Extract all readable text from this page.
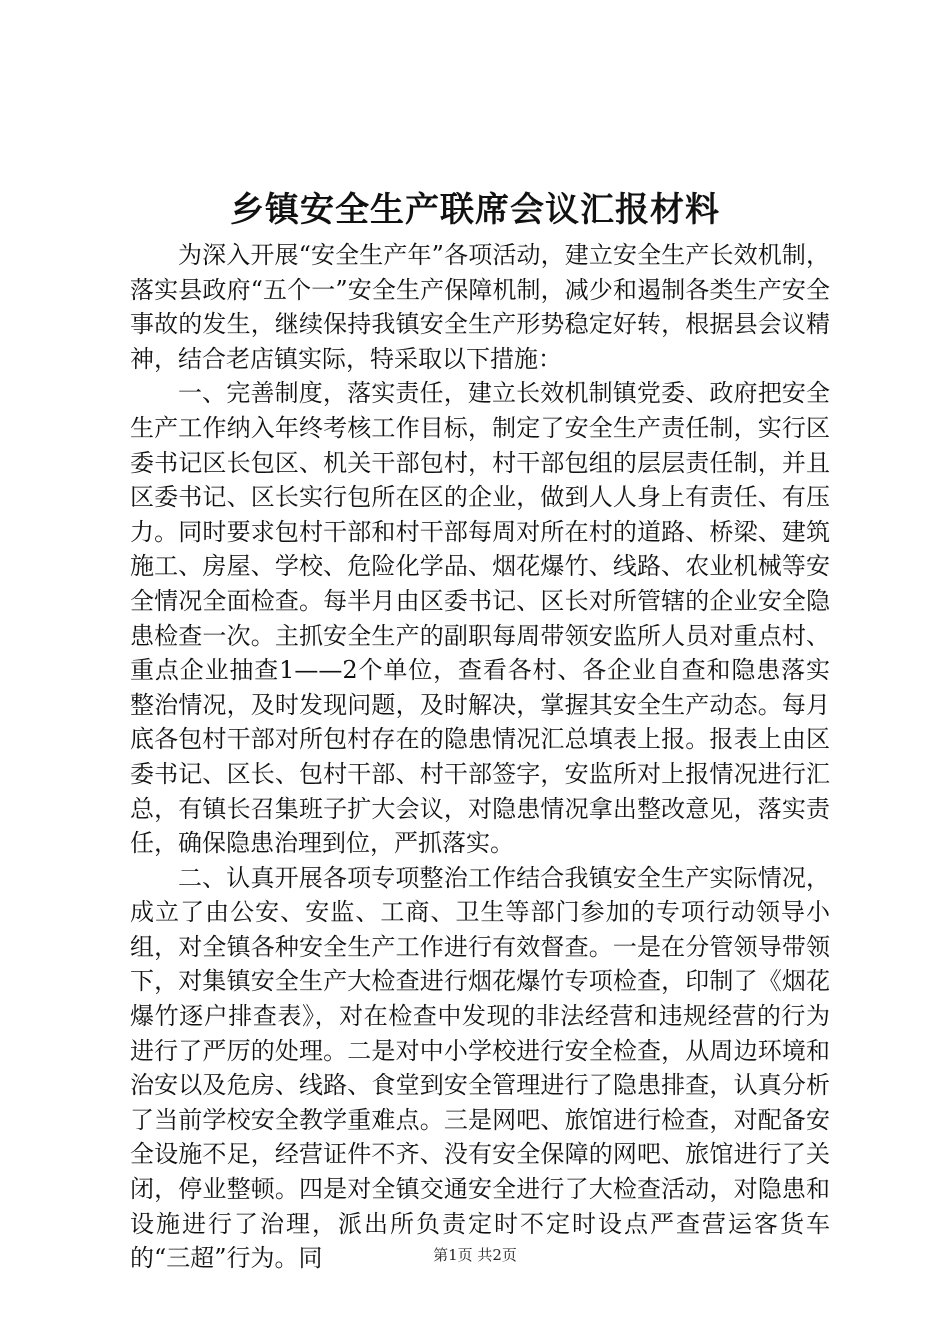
乡镇安全生产联席会议汇报材料

为深入开展“安全生产年”各项活动，建立安全生产长效机制，落实县政府“五个一”安全生产保障机制，减少和遏制各类生产安全事故的发生，继续保持我镇安全生产形势稳定好转，根据县会议精神，结合老店镇实际，特采取以下措施：

一、完善制度，落实责任，建立长效机制镇党委、政府把安全生产工作纳入年终考核工作目标，制定了安全生产责任制，实行区委书记区长包区、机关干部包村，村干部包组的层层责任制，并且区委书记、区长实行包所在区的企业，做到人人身上有责任、有压力。同时要求包村干部和村干部每周对所在村的道路、桥梁、建筑施工、房屋、学校、危险化学品、烟花爆竹、线路、农业机械等安全情况全面检查。每半月由区委书记、区长对所管辖的企业安全隐患检查一次。主抓安全生产的副职每周带领安监所人员对重点村、重点企业抽查1——2个单位，查看各村、各企业自查和隐患落实整治情况，及时发现问题，及时解决，掌握其安全生产动态。每月底各包村干部对所包村存在的隐患情况汇总填表上报。报表上由区委书记、区长、包村干部、村干部签字，安监所对上报情况进行汇总，有镇长召集班子扩大会议，对隐患情况拿出整改意见，落实责任，确保隐患治理到位，严抓落实。

二、认真开展各项专项整治工作结合我镇安全生产实际情况，成立了由公安、安监、工商、卫生等部门参加的专项行动领导小组，对全镇各种安全生产工作进行有效督查。一是在分管领导带领下，对集镇安全生产大检查进行烟花爆竹专项检查，印制了《烟花爆竹逐户排查表》，对在检查中发现的非法经营和违规经营的行为进行了严厉的处理。二是对中小学校进行安全检查，从周边环境和治安以及危房、线路、食堂到安全管理进行了隐患排查，认真分析了当前学校安全教学重难点。三是网吧、旅馆进行检查，对配备安全设施不足，经营证件不齐、没有安全保障的网吧、旅馆进行了关闭，停业整顿。四是对全镇交通安全进行了大检查活动，对隐患和设施进行了治理，派出所负责定时不定时设点严查营运客货车的“三超”行为。同	第1页 共2页
